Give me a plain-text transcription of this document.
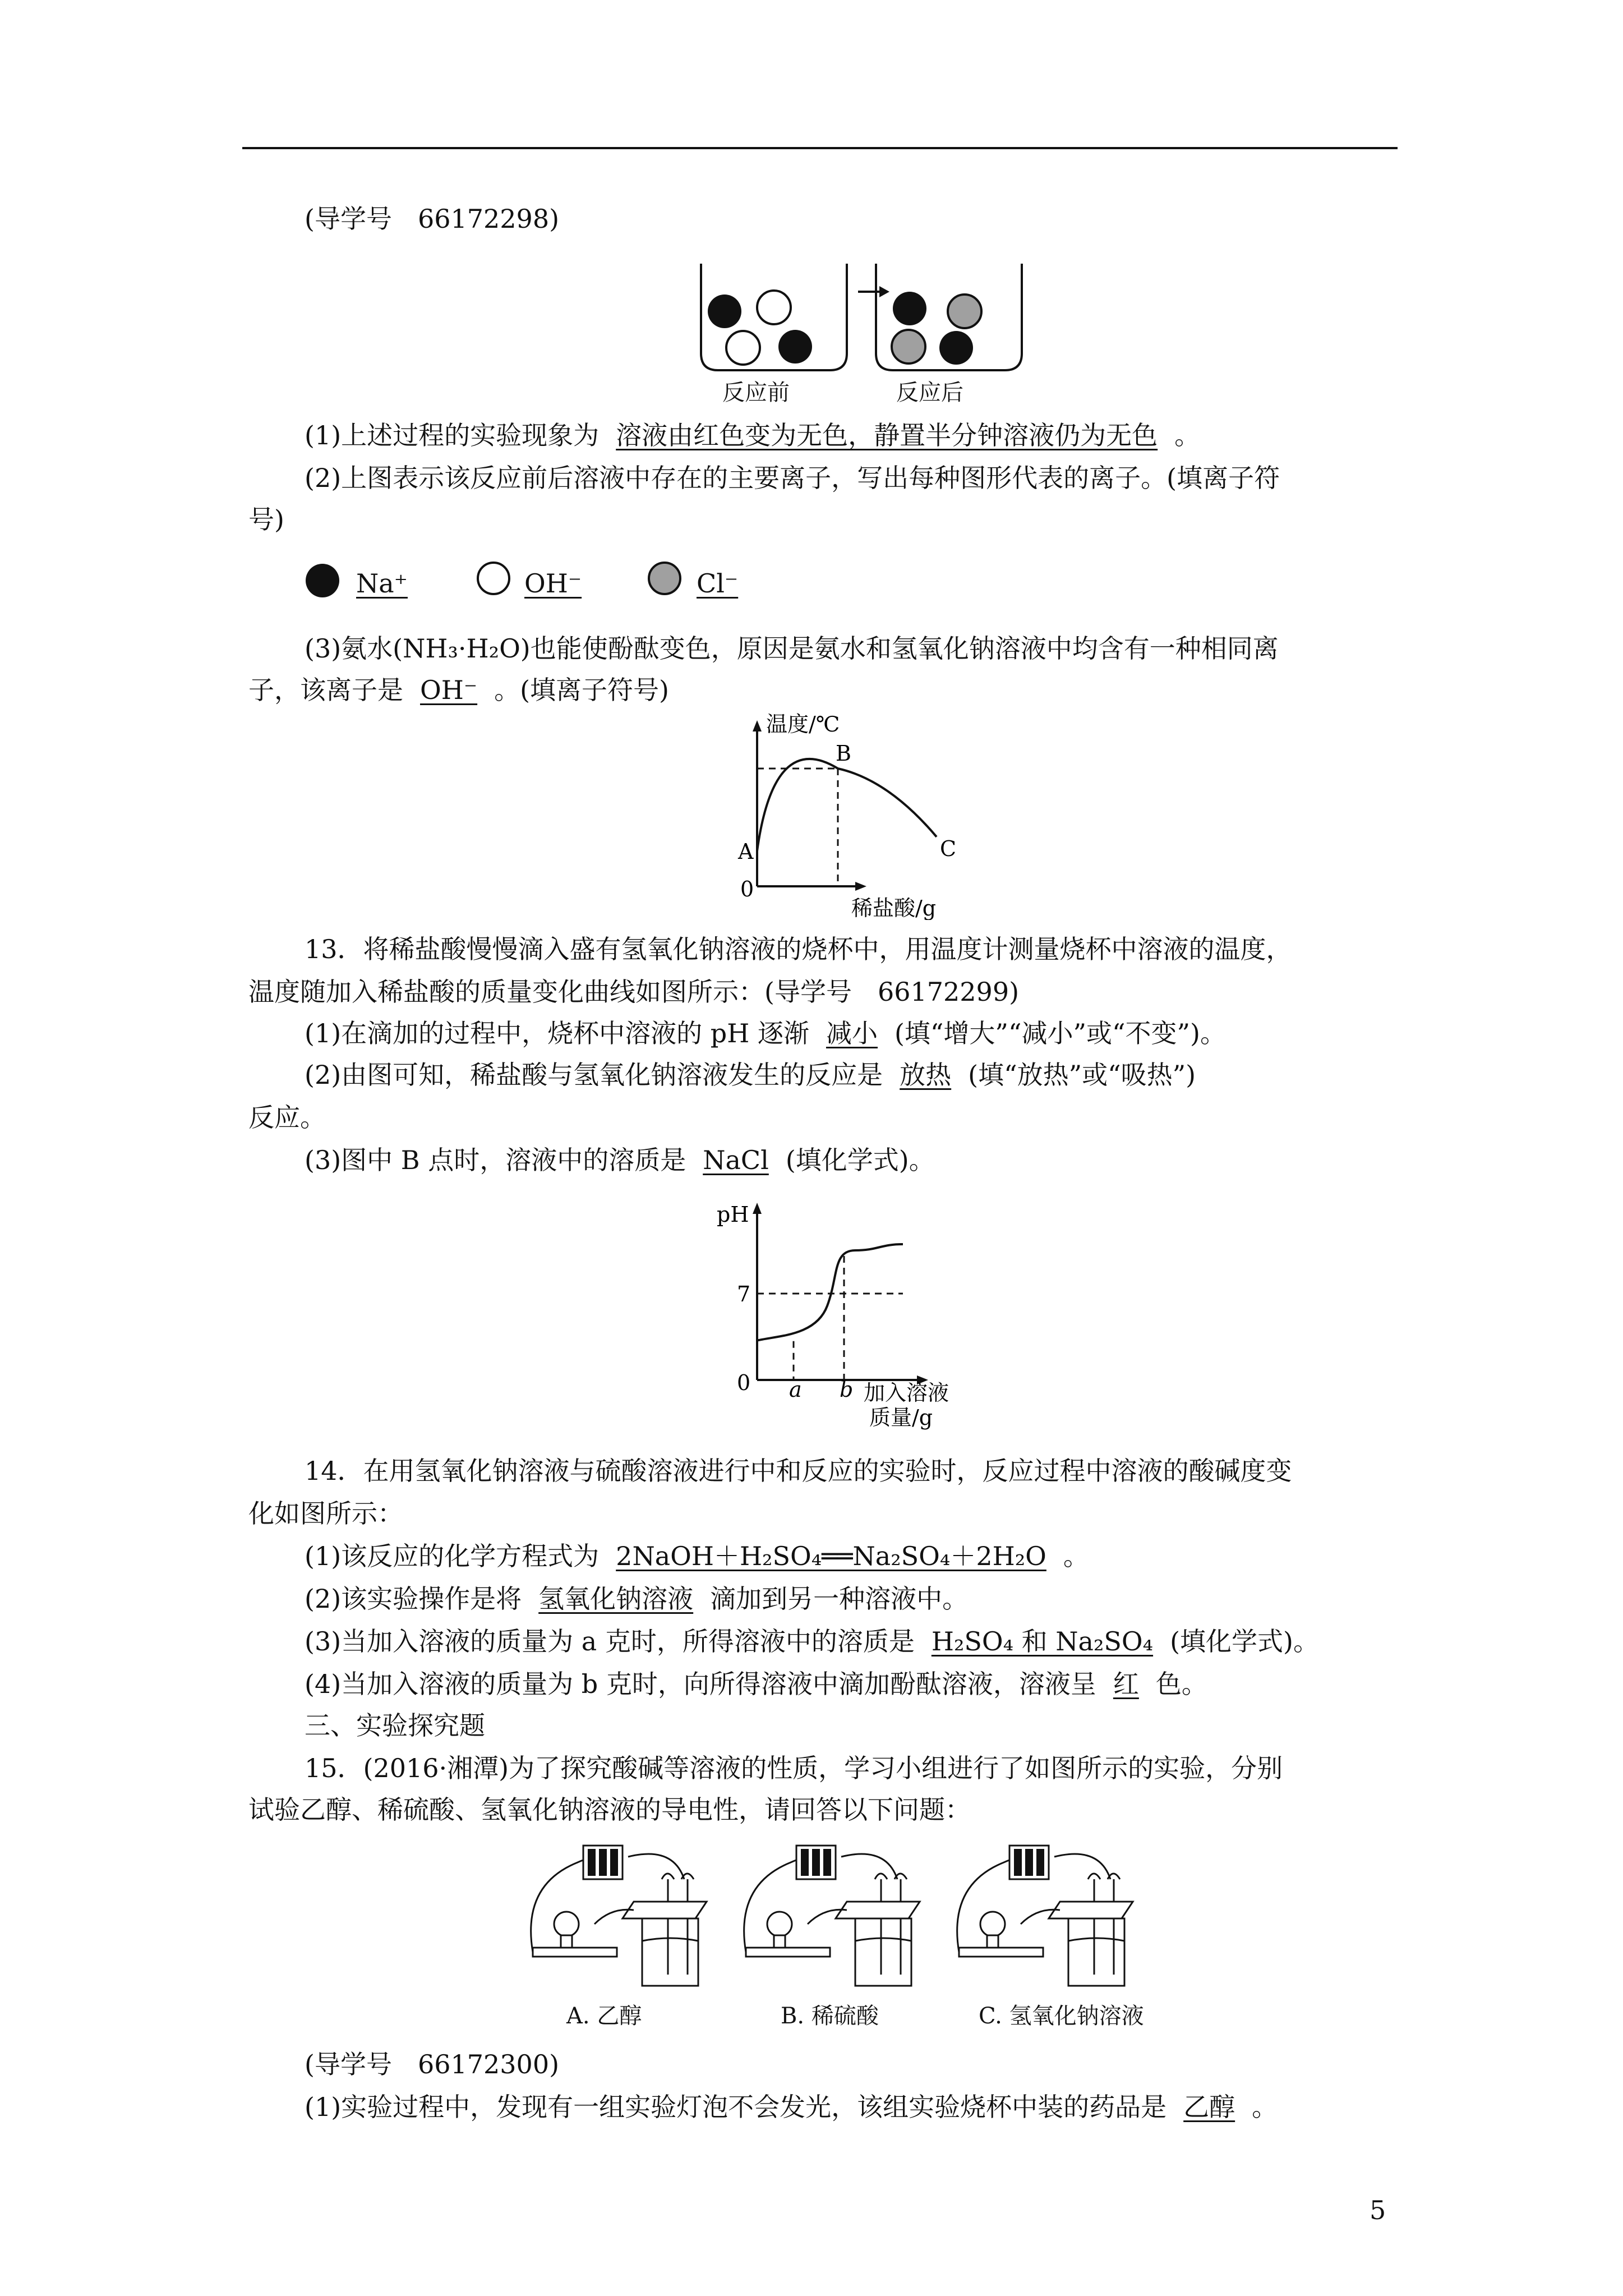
(导学号　66172298)
反应前	反应后
(1)上述过程的实验现象为 溶液由红色变为无色，静置半分钟溶液仍为无色 。
(2)上图表示该反应前后溶液中存在的主要离子，写出每种图形代表的离子。(填离子符
号)
Na⁺	OH⁻	Cl⁻
(3)氨水(NH₃·H₂O)也能使酚酞变色，原因是氨水和氢氧化钠溶液中均含有一种相同离
子，该离子是 OH⁻ 。(填离子符号)
温度/℃
A
B
C
0
稀盐酸/g
13．将稀盐酸慢慢滴入盛有氢氧化钠溶液的烧杯中，用温度计测量烧杯中溶液的温度，
温度随加入稀盐酸的质量变化曲线如图所示：(导学号　66172299)
(1)在滴加的过程中，烧杯中溶液的 pH 逐渐 减小 (填“增大”“减小”或“不变”)。
(2)由图可知，稀盐酸与氢氧化钠溶液发生的反应是 放热 (填“放热”或“吸热”)
反应。
(3)图中 B 点时，溶液中的溶质是 NaCl (填化学式)。
pH
7
0 a b 加入溶液
质量/g
14．在用氢氧化钠溶液与硫酸溶液进行中和反应的实验时，反应过程中溶液的酸碱度变
化如图所示：
(1)该反应的化学方程式为 2NaOH＋H₂SO₄══Na₂SO₄＋2H₂O 。
(2)该实验操作是将 氢氧化钠溶液 滴加到另一种溶液中。
(3)当加入溶液的质量为 a 克时，所得溶液中的溶质是 H₂SO₄ 和 Na₂SO₄ (填化学式)。
(4)当加入溶液的质量为 b 克时，向所得溶液中滴加酚酞溶液，溶液呈 红 色。
三、实验探究题
15．(2016·湘潭)为了探究酸碱等溶液的性质，学习小组进行了如图所示的实验，分别
试验乙醇、稀硫酸、氢氧化钠溶液的导电性，请回答以下问题：
A. 乙醇	B. 稀硫酸	C. 氢氧化钠溶液
(导学号　66172300)
(1)实验过程中，发现有一组实验灯泡不会发光，该组实验烧杯中装的药品是 乙醇 。
5
